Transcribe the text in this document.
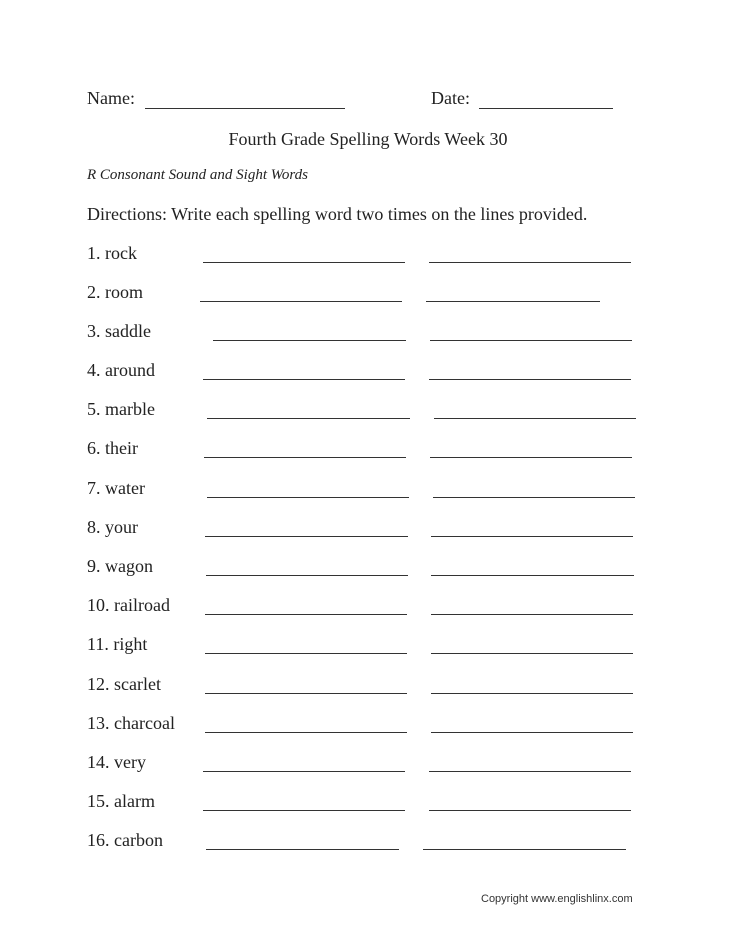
Name:	Date:
Fourth Grade Spelling Words Week 30
R Consonant Sound and Sight Words
Directions: Write each spelling word two times on the lines provided.
1. rock
2. room
3. saddle
4. around
5. marble
6. their
7. water
8. your
9. wagon
10. railroad
11. right
12. scarlet
13. charcoal
14. very
15. alarm
16. carbon
Copyright www.englishlinx.com
